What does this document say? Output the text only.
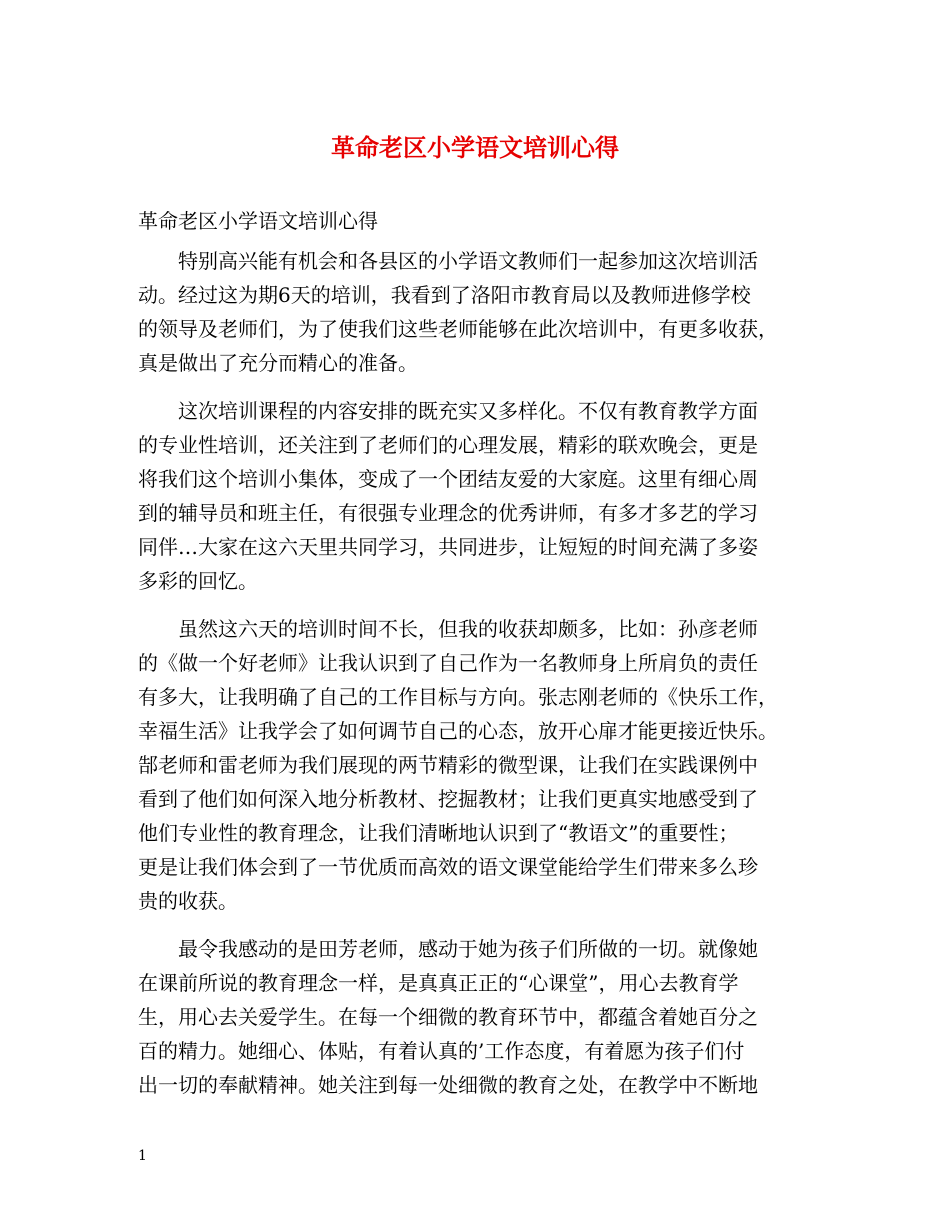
革命老区小学语文培训心得

革命老区小学语文培训心得

特别高兴能有机会和各县区的小学语文教师们一起参加这次培训活
动。经过这为期6天的培训，我看到了洛阳市教育局以及教师进修学校
的领导及老师们，为了使我们这些老师能够在此次培训中，有更多收获，
真是做出了充分而精心的准备。

这次培训课程的内容安排的既充实又多样化。不仅有教育教学方面
的专业性培训，还关注到了老师们的心理发展，精彩的联欢晚会，更是
将我们这个培训小集体，变成了一个团结友爱的大家庭。这里有细心周
到的辅导员和班主任，有很强专业理念的优秀讲师，有多才多艺的学习
同伴…大家在这六天里共同学习，共同进步，让短短的时间充满了多姿
多彩的回忆。

虽然这六天的培训时间不长，但我的收获却颇多，比如：孙彦老师
的《做一个好老师》让我认识到了自己作为一名教师身上所肩负的责任
有多大，让我明确了自己的工作目标与方向。张志刚老师的《快乐工作，
幸福生活》让我学会了如何调节自己的心态，放开心扉才能更接近快乐。
郜老师和雷老师为我们展现的两节精彩的微型课，让我们在实践课例中
看到了他们如何深入地分析教材、挖掘教材；让我们更真实地感受到了
他们专业性的教育理念，让我们清晰地认识到了“教语文”的重要性；
更是让我们体会到了一节优质而高效的语文课堂能给学生们带来多么珍
贵的收获。

最令我感动的是田芳老师，感动于她为孩子们所做的一切。就像她
在课前所说的教育理念一样，是真真正正的“心课堂”，用心去教育学
生，用心去关爱学生。在每一个细微的教育环节中，都蕴含着她百分之
百的精力。她细心、体贴，有着认真的’工作态度，有着愿为孩子们付
出一切的奉献精神。她关注到每一处细微的教育之处，在教学中不断地

1
